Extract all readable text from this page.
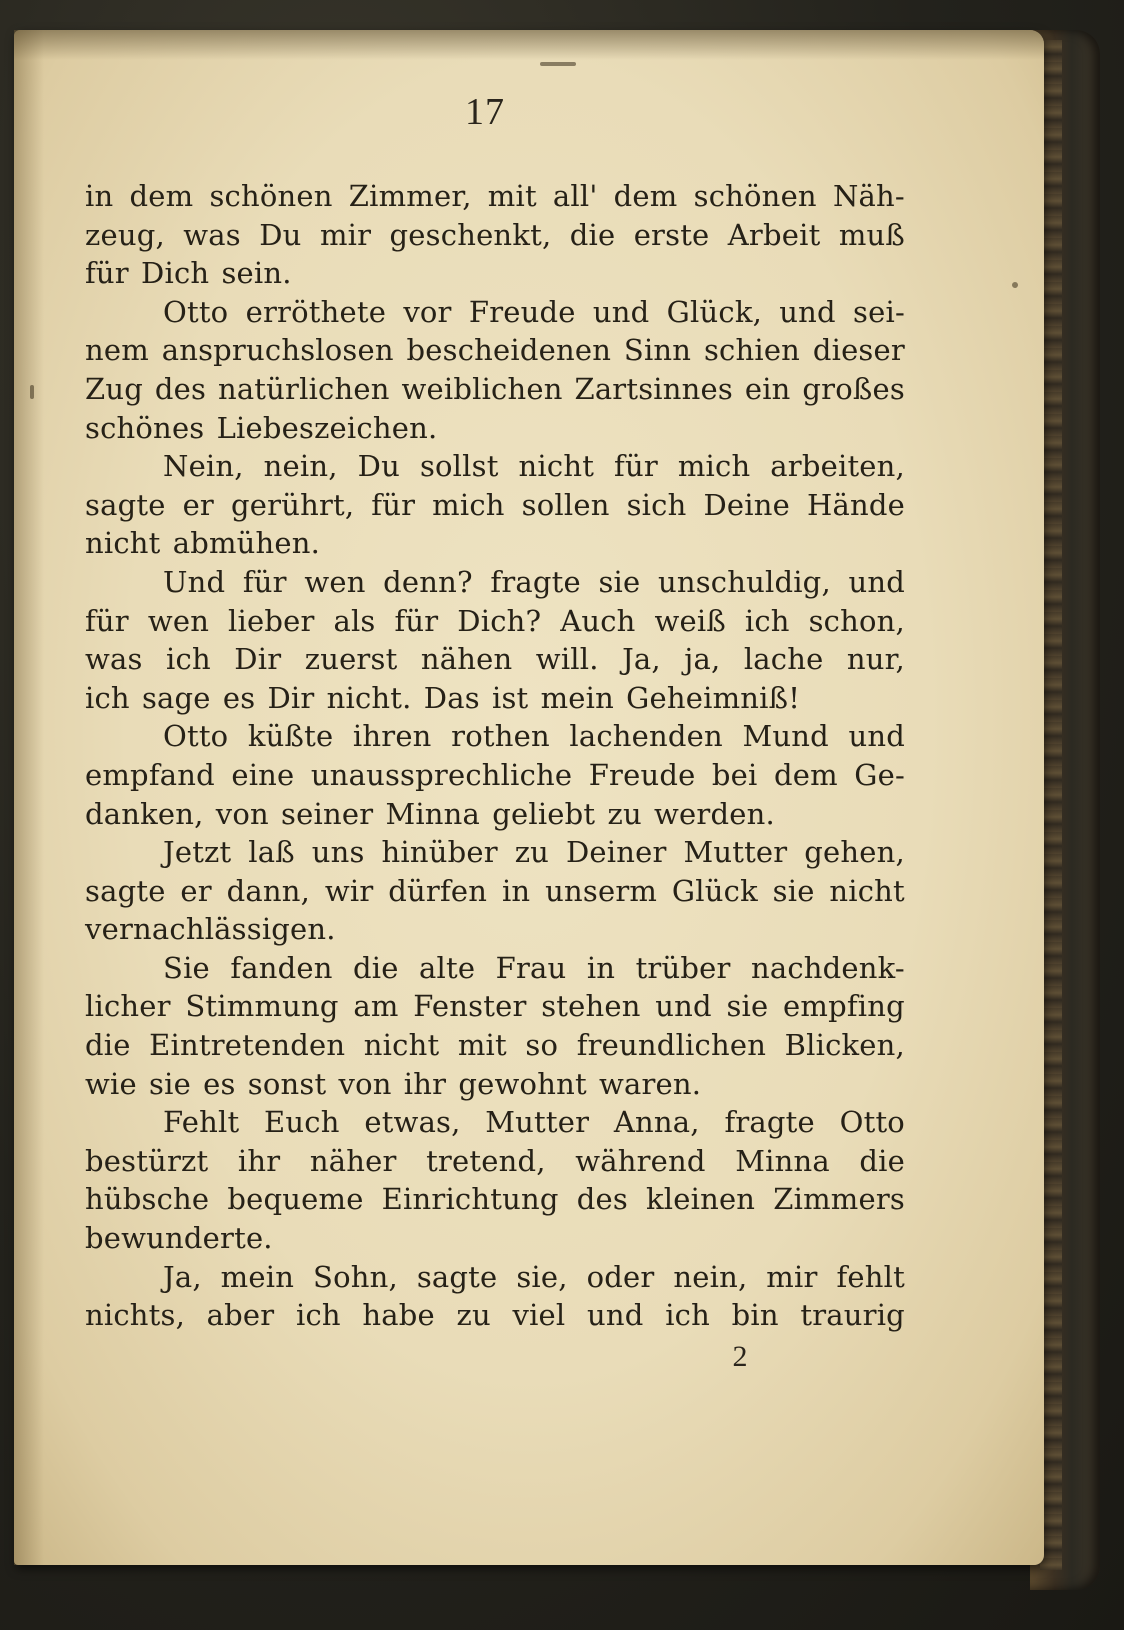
17
in dem schönen Zimmer, mit all' dem schönen Näh-
zeug, was Du mir geschenkt, die erste Arbeit muß
für Dich sein.
Otto erröthete vor Freude und Glück, und sei-
nem anspruchslosen bescheidenen Sinn schien dieser
Zug des natürlichen weiblichen Zartsinnes ein großes
schönes Liebeszeichen.
Nein, nein, Du sollst nicht für mich arbeiten,
sagte er gerührt, für mich sollen sich Deine Hände
nicht abmühen.
Und für wen denn? fragte sie unschuldig, und
für wen lieber als für Dich? Auch weiß ich schon,
was ich Dir zuerst nähen will. Ja, ja, lache nur,
ich sage es Dir nicht. Das ist mein Geheimniß!
Otto küßte ihren rothen lachenden Mund und
empfand eine unaussprechliche Freude bei dem Ge-
danken, von seiner Minna geliebt zu werden.
Jetzt laß uns hinüber zu Deiner Mutter gehen,
sagte er dann, wir dürfen in unserm Glück sie nicht
vernachlässigen.
Sie fanden die alte Frau in trüber nachdenk-
licher Stimmung am Fenster stehen und sie empfing
die Eintretenden nicht mit so freundlichen Blicken,
wie sie es sonst von ihr gewohnt waren.
Fehlt Euch etwas, Mutter Anna, fragte Otto
bestürzt ihr näher tretend, während Minna die
hübsche bequeme Einrichtung des kleinen Zimmers
bewunderte.
Ja, mein Sohn, sagte sie, oder nein, mir fehlt
nichts, aber ich habe zu viel und ich bin traurig
2
